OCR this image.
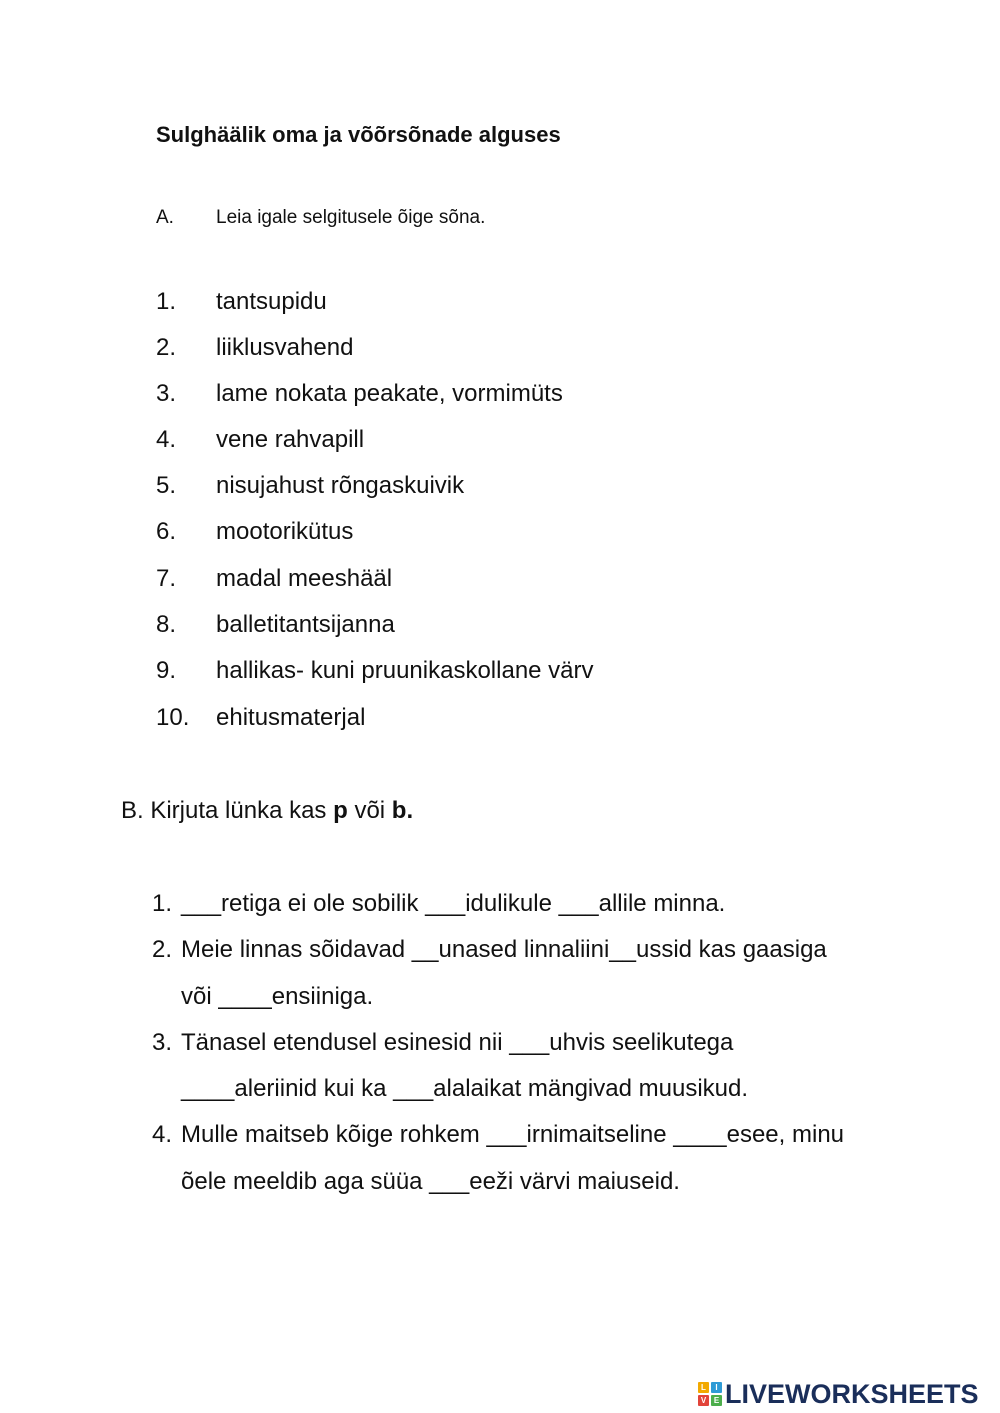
Sulghäälik oma ja võõrsõnade alguses
A. Leia igale selgitusele õige sõna.
1. tantsupidu
2. liiklusvahend
3. lame nokata peakate, vormimüts
4. vene rahvapill
5. nisujahust rõngaskuivik
6. mootorikütus
7. madal meeshääl
8. balletitantsijanna
9. hallikas- kuni pruunikaskollane värv
10. ehitusmaterjal
B. Kirjuta lünka kas p või b.
1. ___retiga ei ole sobilik ___idulikule ___allile minna.
2. Meie linnas sõidavad __unased linnaliini__ussid kas gaasiga
või ____ensiiniga.
3. Tänasel etendusel esinesid nii ___uhvis seelikutega
____aleriinid kui ka ___alalaikat mängivad muusikud.
4. Mulle maitseb kõige rohkem ___irnimaitseline ____esee, minu
õele meeldib aga süüa ___eeži värvi maiuseid.
L	I
V E LIVEWORKSHEETS
